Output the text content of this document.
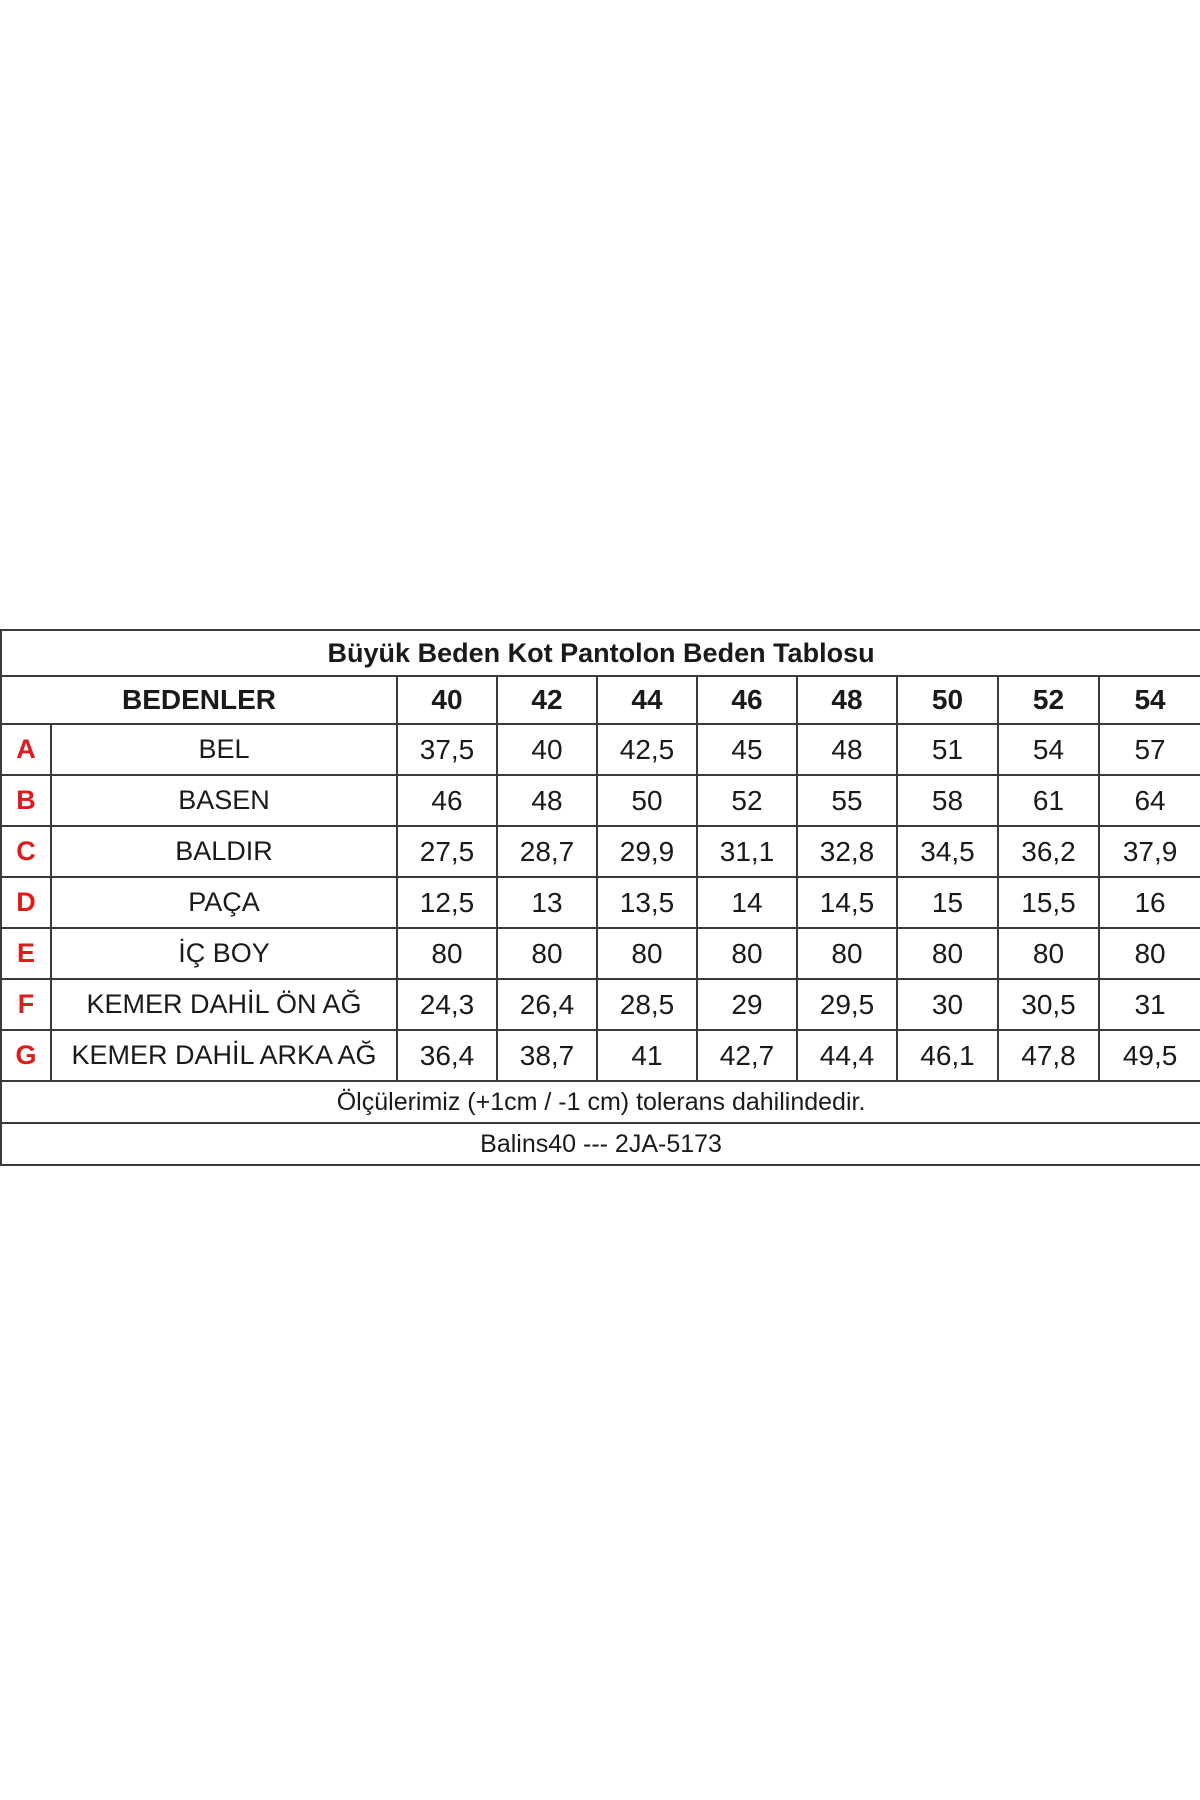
Büyük Beden Kot Pantolon Beden Tablosu									
BEDENLER		40	42	44	46	48	50	52	54
A	BEL	37,5	40	42,5	45	48	51	54	57
B	BASEN	46	48	50	52	55	58	61	64
C	BALDIR	27,5	28,7	29,9	31,1	32,8	34,5	36,2	37,9
D	PAÇA	12,5	13	13,5	14	14,5	15	15,5	16
E	İÇ BOY	80	80	80	80	80	80	80	80
F	KEMER DAHİL ÖN AĞ	24,3	26,4	28,5	29	29,5	30	30,5	31
G	KEMER DAHİL ARKA AĞ	36,4	38,7	41	42,7	44,4	46,1	47,8	49,5
Ölçülerimiz (+1cm / -1 cm) tolerans dahilindedir.									
Balins40 --- 2JA-5173									
